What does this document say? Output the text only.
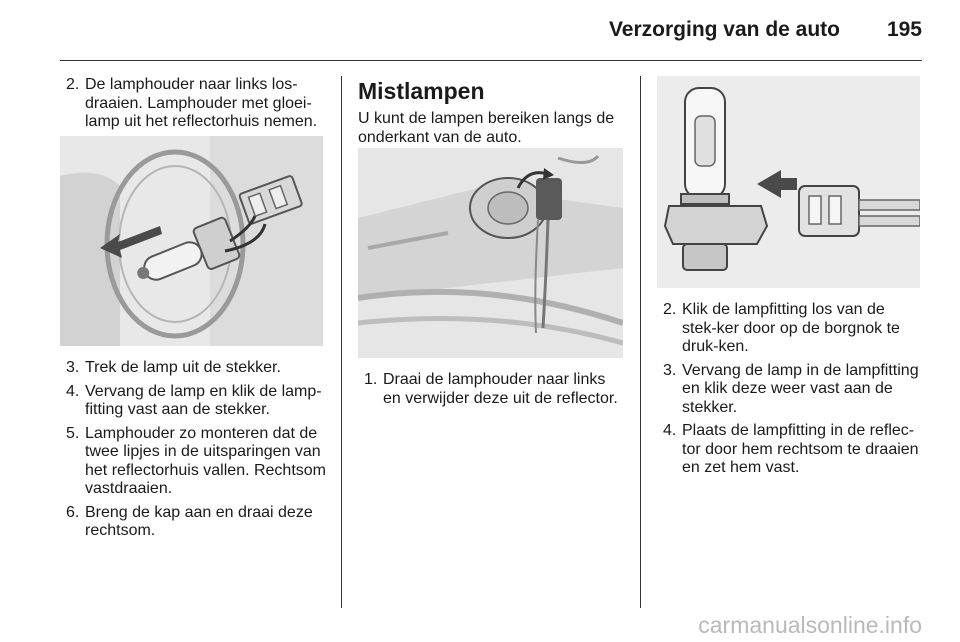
Verzorging van de auto	195
2. De lamphouder naar links los-draaien. Lamphouder met gloei-lamp uit het reflectorhuis nemen.
3. Trek de lamp uit de stekker.
4. Vervang de lamp en klik de lamp-fitting vast aan de stekker.
5. Lamphouder zo monteren dat de twee lipjes in de uitsparingen van het reflectorhuis vallen. Rechtsom vastdraaien.
6. Breng de kap aan en draai deze rechtsom.
Mistlampen
U kunt de lampen bereiken langs de onderkant van de auto.
1. Draai de lamphouder naar links en verwijder deze uit de reflector.
2. Klik de lampfitting los van de stek-ker door op de borgnok te druk-ken.
3. Vervang de lamp in de lampfitting en klik deze weer vast aan de stekker.
4. Plaats de lampfitting in de reflec-tor door hem rechtsom te draaien en zet hem vast.
carmanualsonline.info
